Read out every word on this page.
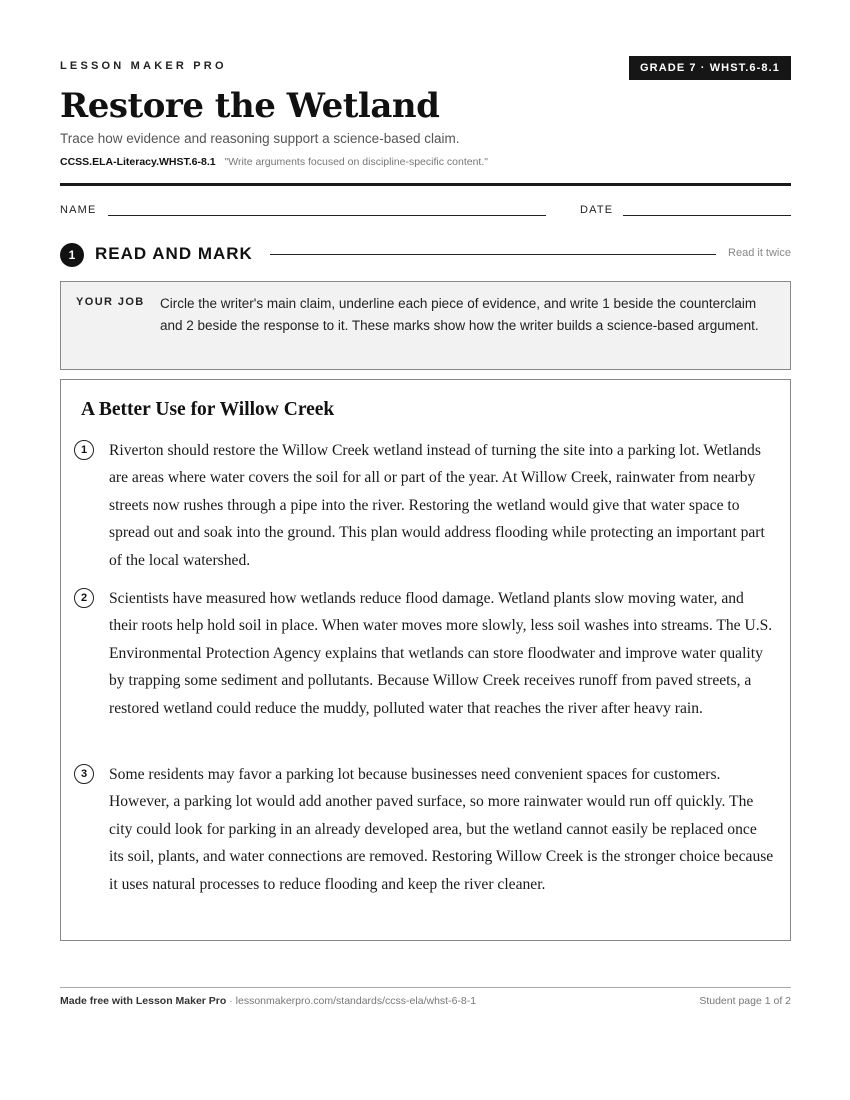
LESSON MAKER PRO	GRADE 7 · WHST.6-8.1
Restore the Wetland
Trace how evidence and reasoning support a science-based claim.
CCSS.ELA-Literacy.WHST.6-8.1 "Write arguments focused on discipline-specific content."
NAME	DATE
1	READ AND MARK	Read it twice
YOUR JOB Circle the writer's main claim, underline each piece of evidence, and write 1 beside the counterclaim and 2 beside the response to it. These marks show how the writer builds a science-based argument.
A Better Use for Willow Creek
1	Riverton should restore the Willow Creek wetland instead of turning the site into a parking lot. Wetlands are areas where water covers the soil for all or part of the year. At Willow Creek, rainwater from nearby streets now rushes through a pipe into the river. Restoring the wetland would give that water space to spread out and soak into the ground. This plan would address flooding while protecting an important part of the local watershed.
2	Scientists have measured how wetlands reduce flood damage. Wetland plants slow moving water, and their roots help hold soil in place. When water moves more slowly, less soil washes into streams. The U.S. Environmental Protection Agency explains that wetlands can store floodwater and improve water quality by trapping some sediment and pollutants. Because Willow Creek receives runoff from paved streets, a restored wetland could reduce the muddy, polluted water that reaches the river after heavy rain.
3	Some residents may favor a parking lot because businesses need convenient spaces for customers. However, a parking lot would add another paved surface, so more rainwater would run off quickly. The city could look for parking in an already developed area, but the wetland cannot easily be replaced once its soil, plants, and water connections are removed. Restoring Willow Creek is the stronger choice because it uses natural processes to reduce flooding and keep the river cleaner.
Made free with Lesson Maker Pro · lessonmakerpro.com/standards/ccss-ela/whst-6-8-1	Student page 1 of 2
